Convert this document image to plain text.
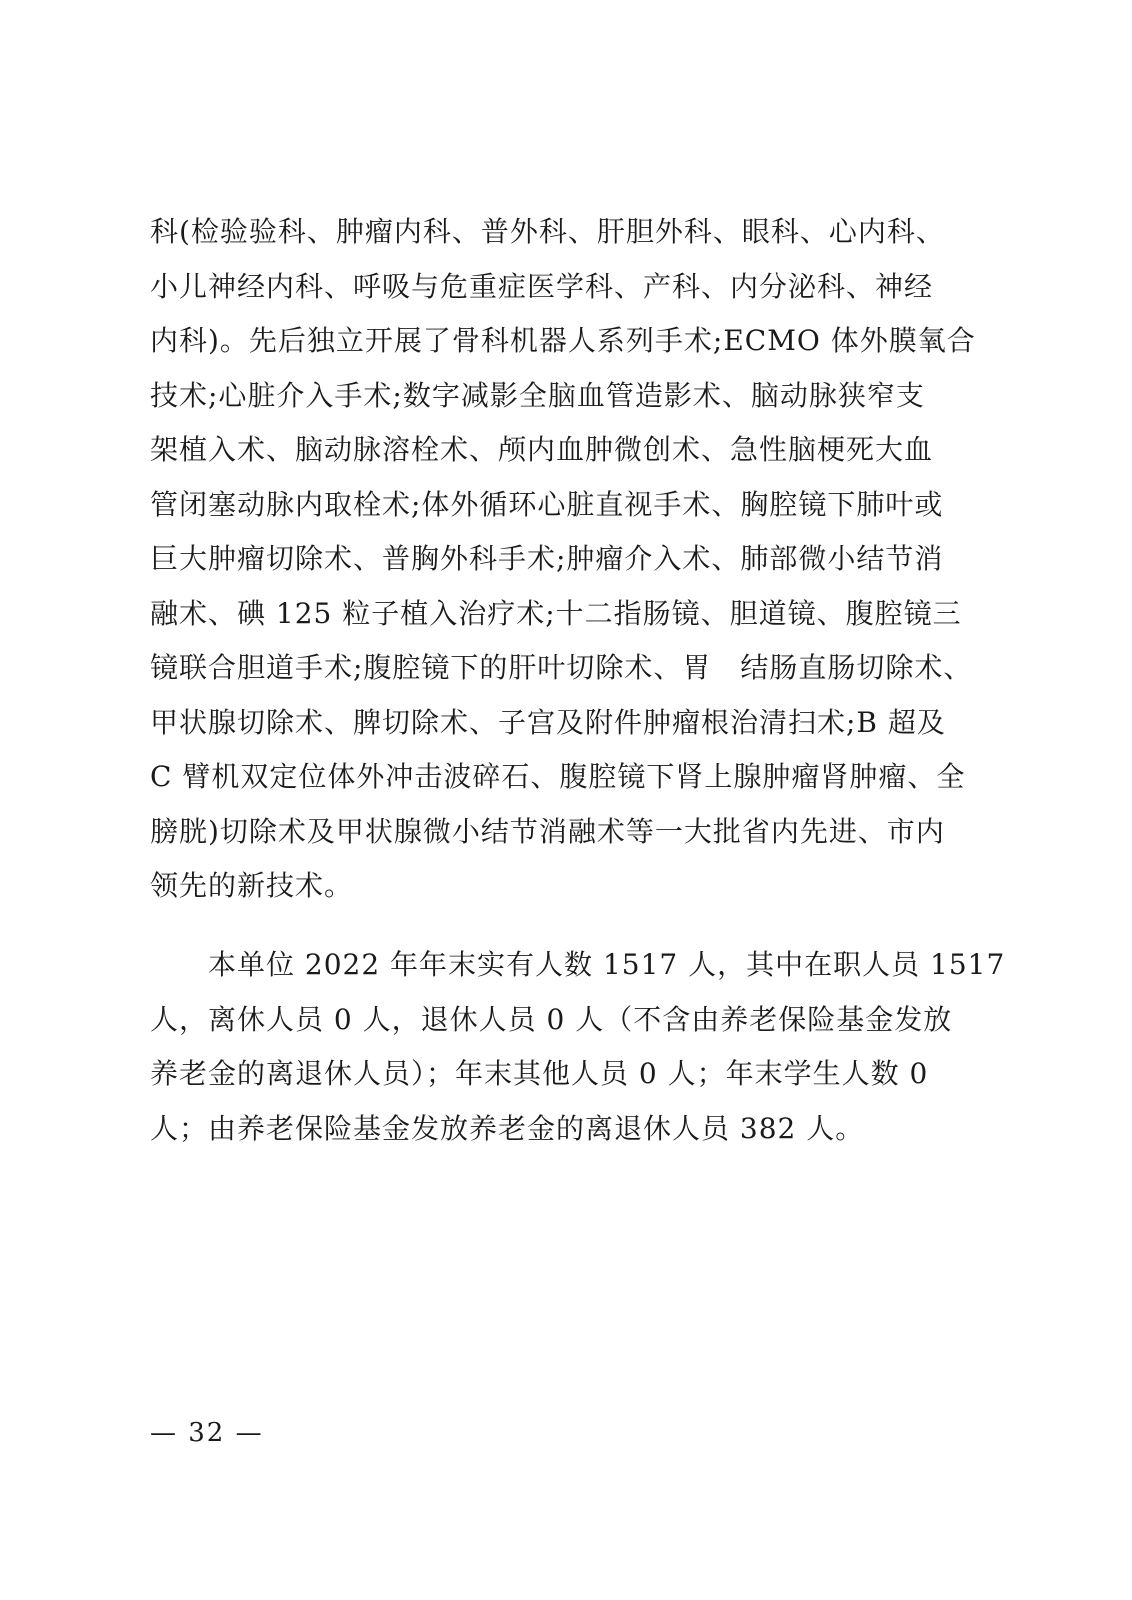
科(检验验科、肿瘤内科、普外科、肝胆外科、眼科、心内科、
小儿神经内科、呼吸与危重症医学科、产科、内分泌科、神经
内科)。先后独立开展了骨科机器人系列手术;ECMO 体外膜氧合
技术;心脏介入手术;数字减影全脑血管造影术、脑动脉狭窄支
架植入术、脑动脉溶栓术、颅内血肿微创术、急性脑梗死大血
管闭塞动脉内取栓术;体外循环心脏直视手术、胸腔镜下肺叶或
巨大肿瘤切除术、普胸外科手术;肿瘤介入术、肺部微小结节消
融术、碘 125 粒子植入治疗术;十二指肠镜、胆道镜、腹腔镜三
镜联合胆道手术;腹腔镜下的肝叶切除术、胃　结肠直肠切除术、
甲状腺切除术、脾切除术、子宫及附件肿瘤根治清扫术;B 超及
C 臂机双定位体外冲击波碎石、腹腔镜下肾上腺肿瘤肾肿瘤、全
膀胱)切除术及甲状腺微小结节消融术等一大批省内先进、市内
领先的新技术。
本单位 2022 年年末实有人数 1517 人，其中在职人员 1517
人，离休人员 0 人，退休人员 0 人（不含由养老保险基金发放
养老金的离退休人员）；年末其他人员 0 人；年末学生人数 0
人；由养老保险基金发放养老金的离退休人员 382 人。
— 32 —
